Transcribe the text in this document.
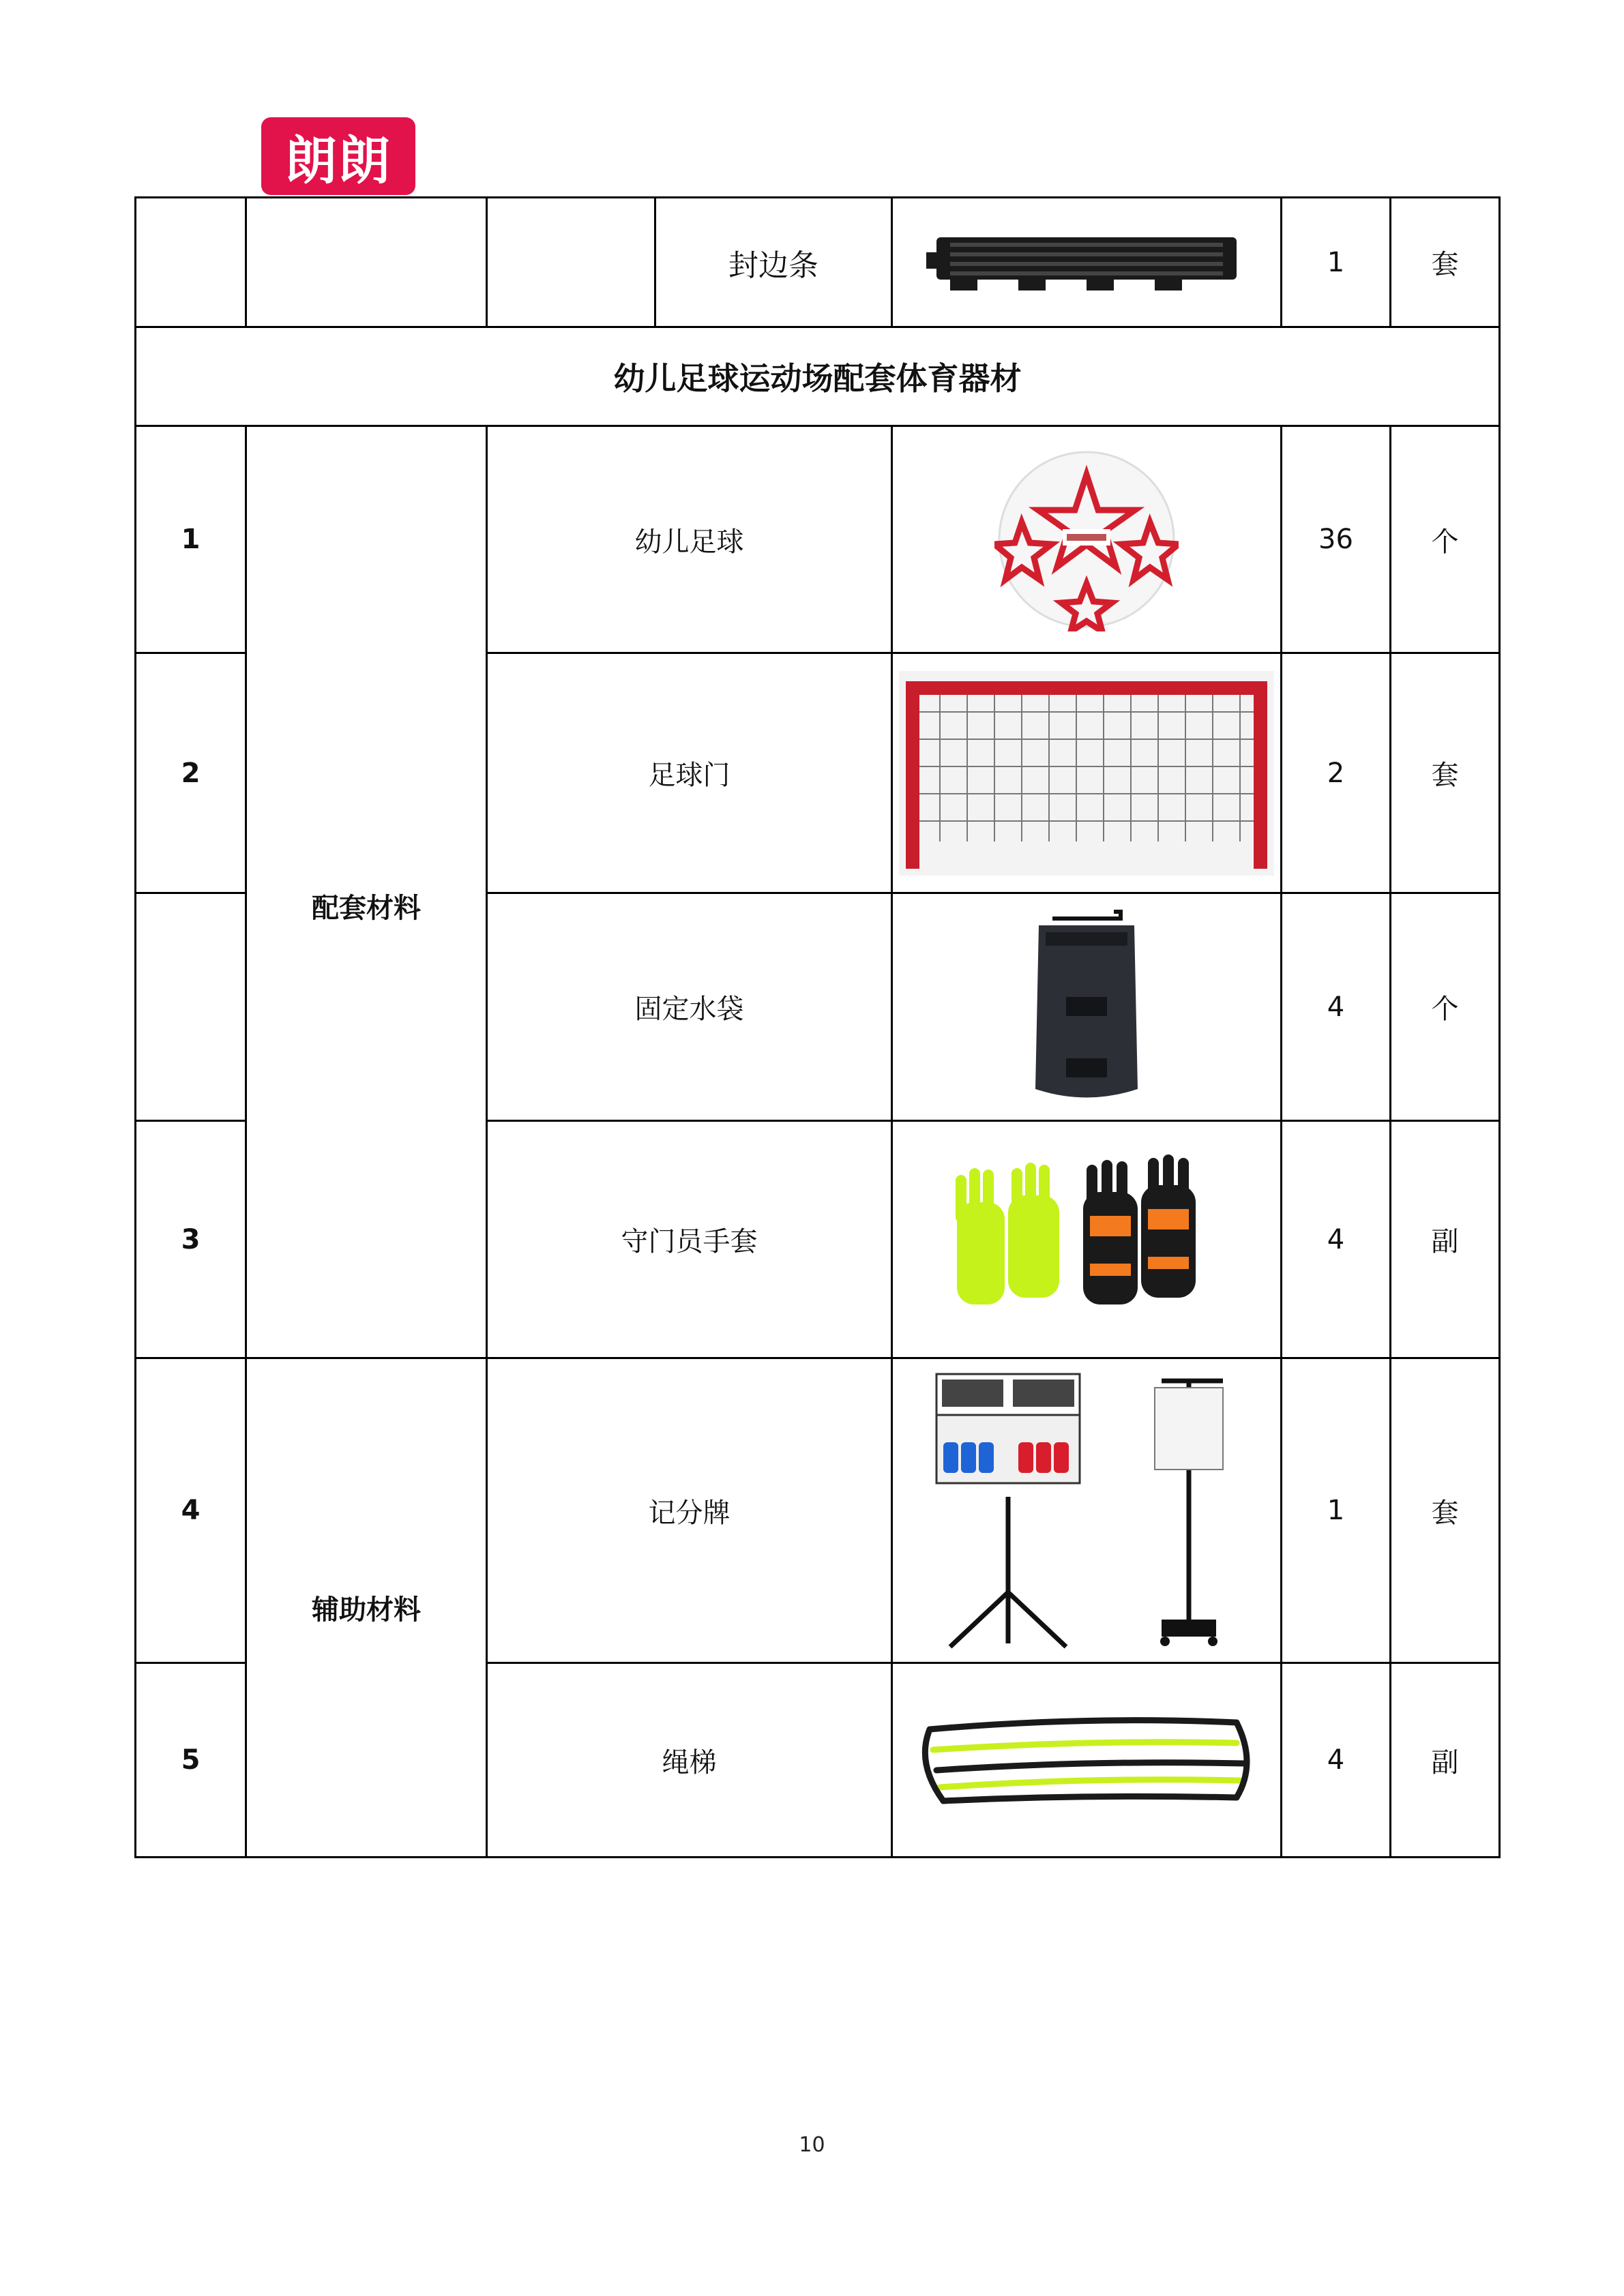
朗朗
			封边条		1	套
幼儿足球运动场配套体育器材						
1	配套材料	幼儿足球			36	个
2		足球门			2	套
		固定水袋			4	个
3		守门员手套			4	副
4	辅助材料	记分牌			1	套
5		绳梯			4	副
10
